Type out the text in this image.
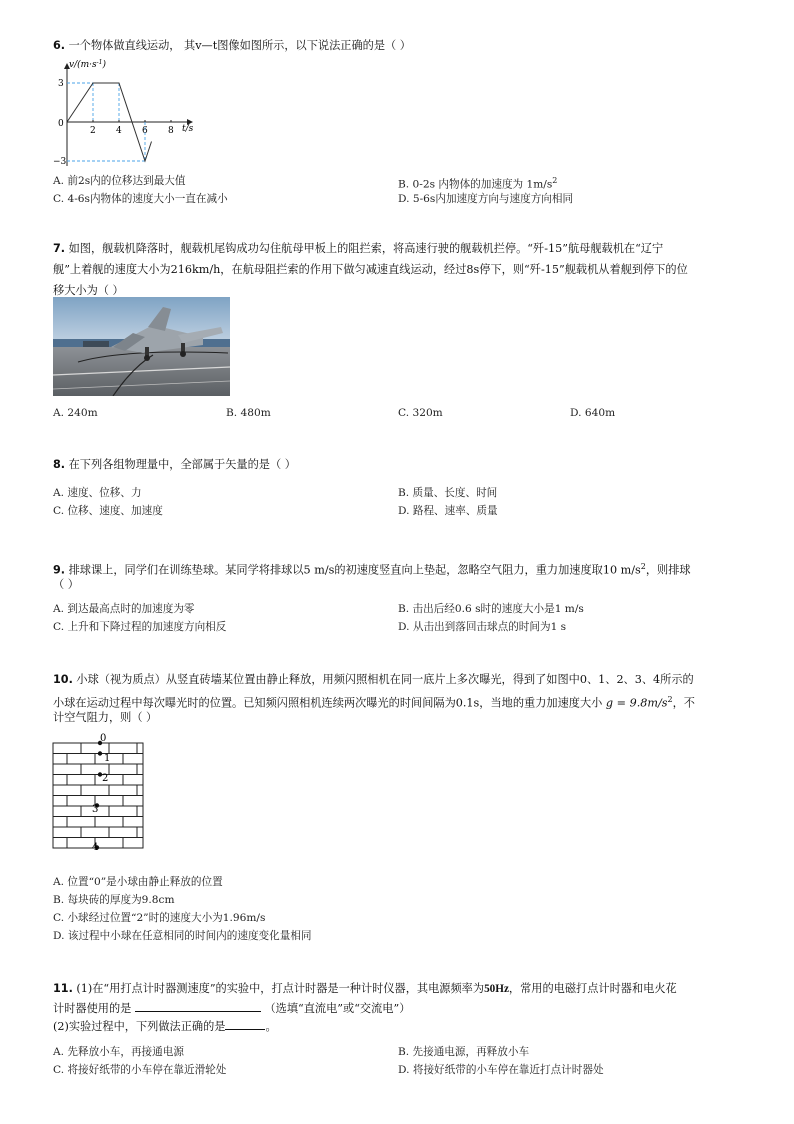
6. 一个物体做直线运动， 其v—t图像如图所示，以下说法正确的是（ ）
$v/(m\cdot s^{-1})$
t/s
0
3
−3
2 4 6 8
A. 前2s内的位移达到最大值	B. 0-2s 内物体的加速度为 $1m/s^2$
C. 4-6s内物体的速度大小一直在减小	D. 5-6s内加速度方向与速度方向相同
7. 如图，舰载机降落时，舰载机尾钩成功勾住航母甲板上的阻拦索，将高速行驶的舰载机拦停。“歼-15”航母舰载机在“辽宁
舰”上着舰的速度大小为216km/h，在航母阻拦索的作用下做匀减速直线运动，经过8s停下，则“歼-15”舰载机从着舰到停下的位
移大小为（ ）
A. 240m	B. 480m	C. 320m	D. 640m
8. 在下列各组物理量中，全部属于矢量的是（ ）
A. 速度、位移、力	B. 质量、长度、时间
C. 位移、速度、加速度	D. 路程、速率、质量
9. 排球课上，同学们在训练垫球。某同学将排球以5 m/s的初速度竖直向上垫起，忽略空气阻力，重力加速度取10 $m/s^2$，则排球
（ ）
A. 到达最高点时的加速度为零	B. 击出后经0.6 s时的速度大小是1 m/s
C. 上升和下降过程的加速度方向相反	D. 从击出到落回击球点的时间为1 s
10. 小球（视为质点）从竖直砖墙某位置由静止释放，用频闪照相机在同一底片上多次曝光，得到了如图中0、1、2、3、4所示的
小球在运动过程中每次曝光时的位置。已知频闪照相机连续两次曝光的时间间隔为0.1s，当地的重力加速度大小 $g = 9.8m/s^2$，不
计空气阻力，则（ ）
0
1
2
3
4
A. 位置“0”是小球由静止释放的位置
B. 每块砖的厚度为9.8cm
C. 小球经过位置“2”时的速度大小为1.96m/s
D. 该过程中小球在任意相同的时间内的速度变化量相同
11. (1)在“用打点计时器测速度”的实验中，打点计时器是一种计时仪器，其电源频率为50Hz，常用的电磁打点计时器和电火花
计时器使用的是	（选填“直流电”或“交流电”）
(2)实验过程中，下列做法正确的是	。
A. 先释放小车，再接通电源	B. 先接通电源，再释放小车
C. 将接好纸带的小车停在靠近滑轮处	D. 将接好纸带的小车停在靠近打点计时器处
